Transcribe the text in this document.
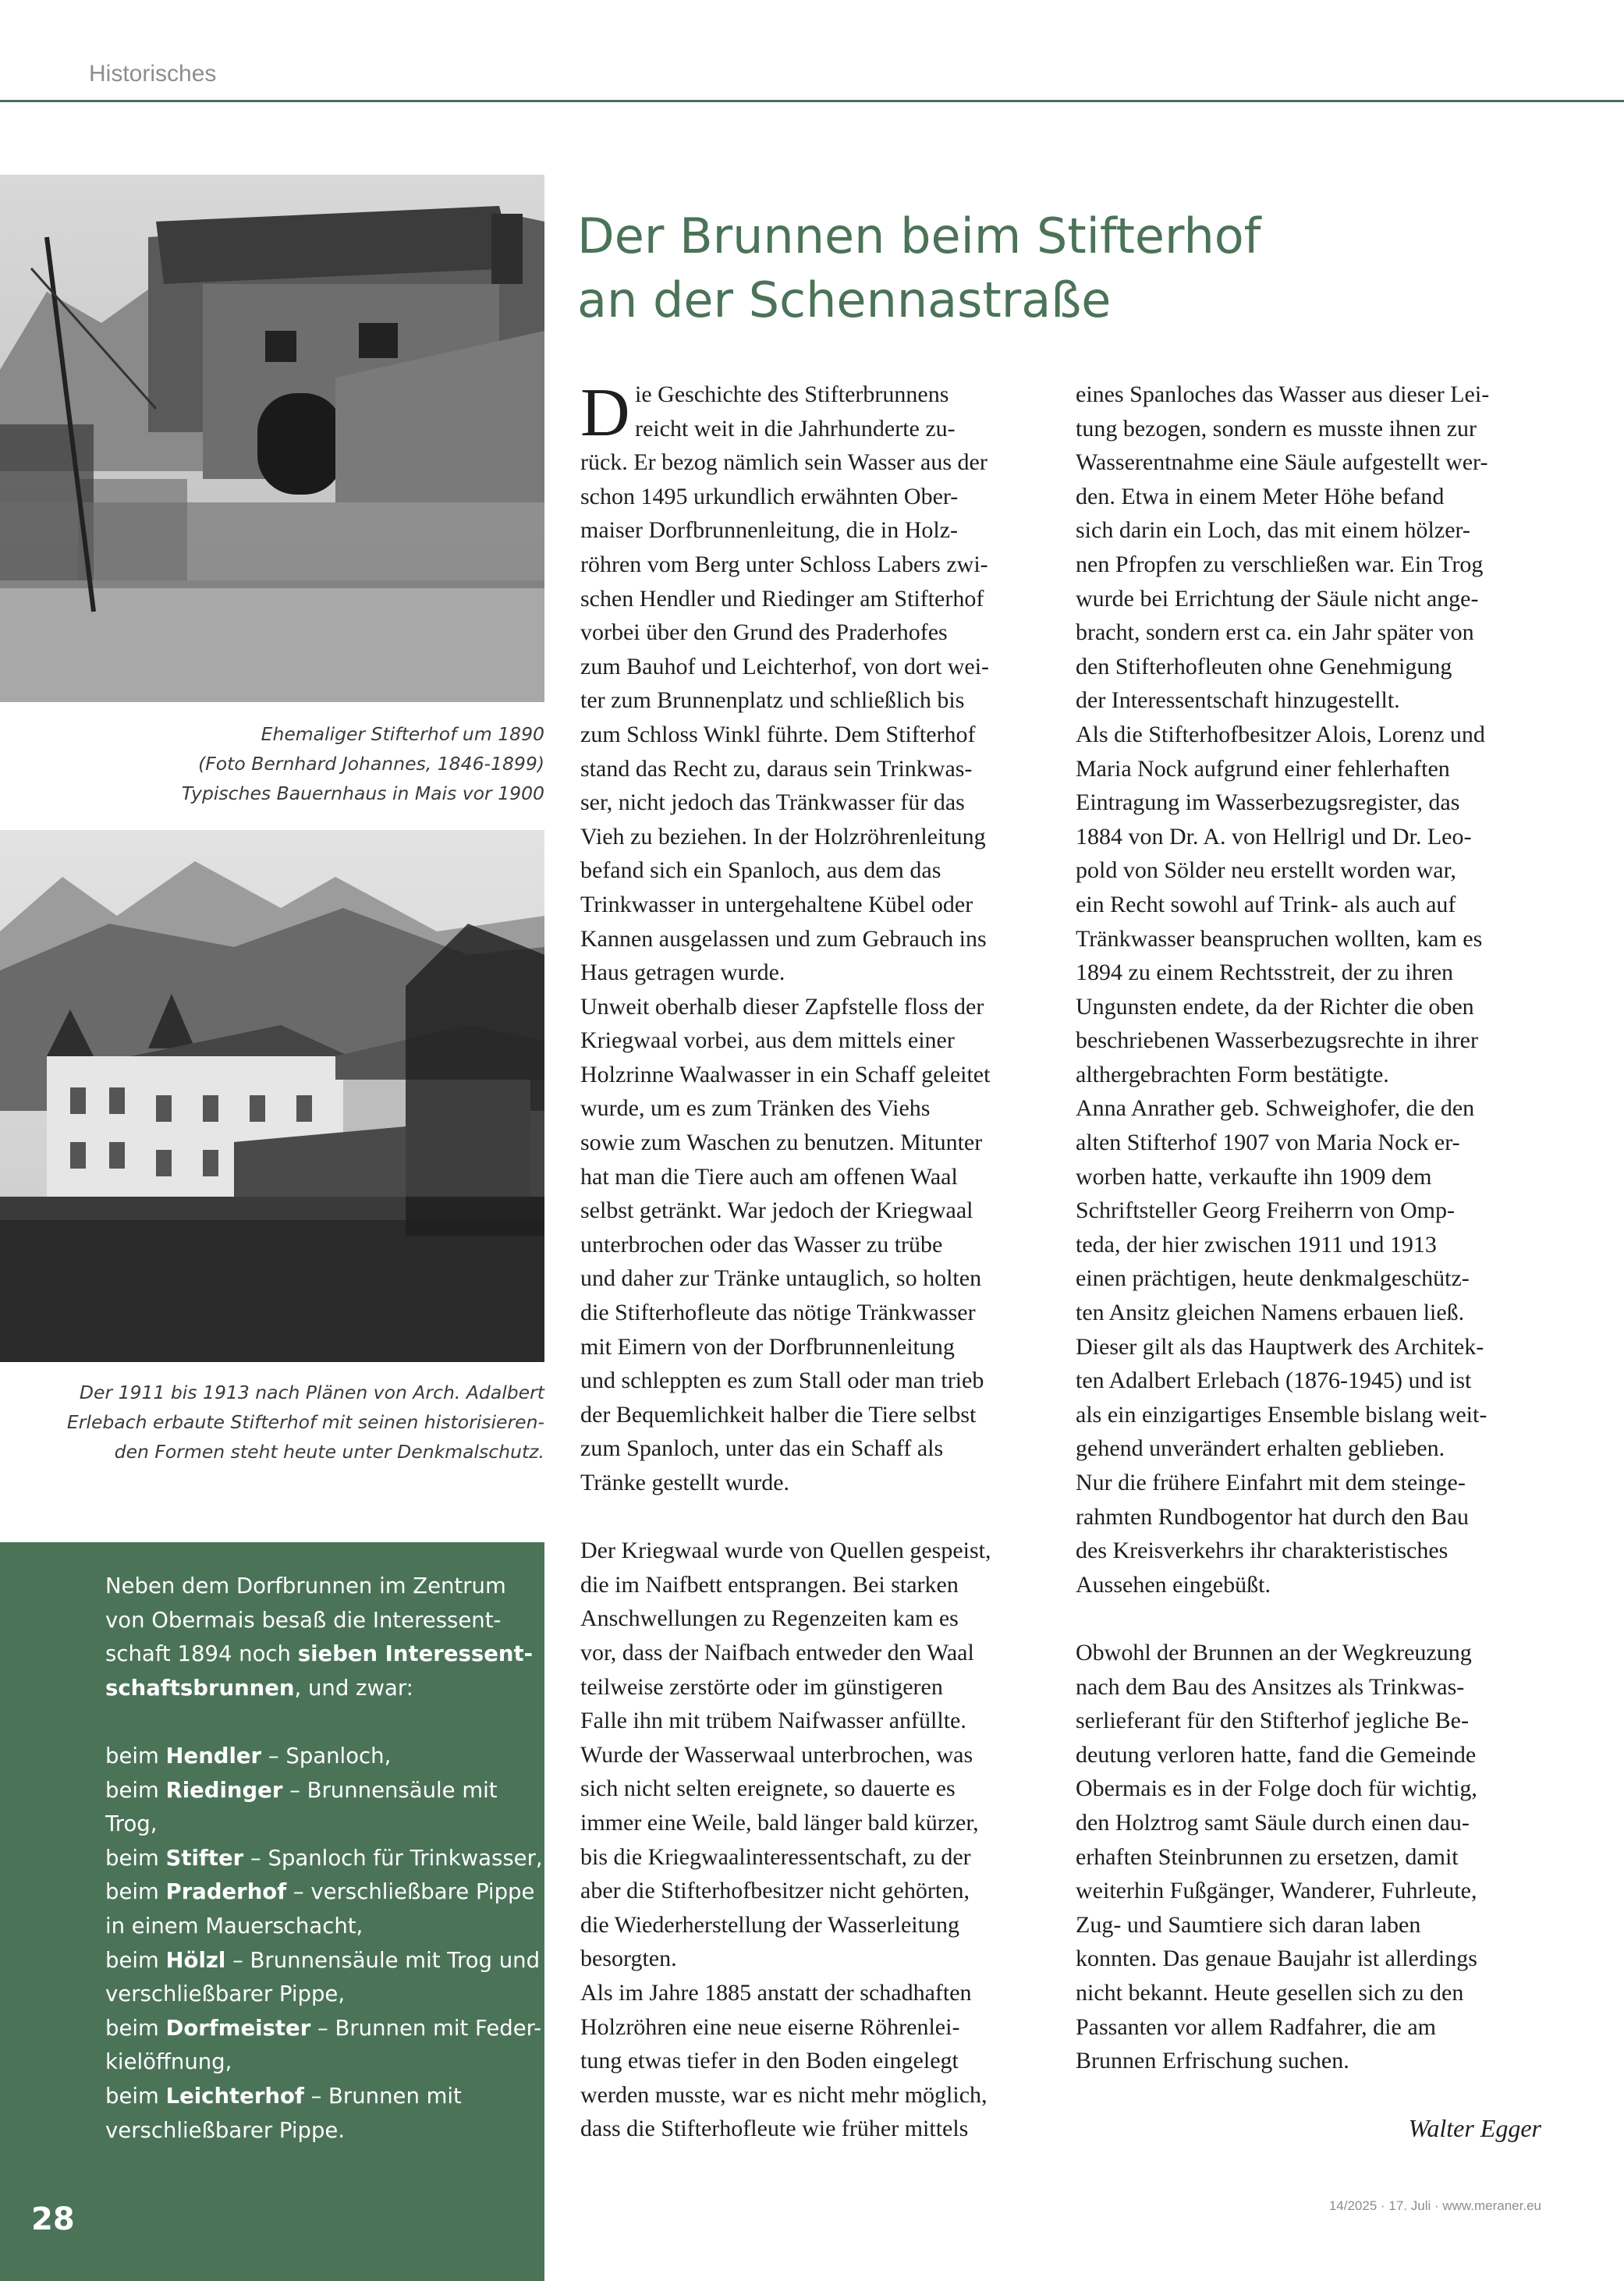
Historisches
Ehemaliger Stifterhof um 1890
(Foto Bernhard Johannes, 1846-1899)
Typisches Bauernhaus in Mais vor 1900
Der 1911 bis 1913 nach Plänen von Arch. Adalbert
Erlebach erbaute Stifterhof mit seinen historisieren-
den Formen steht heute unter Denkmalschutz.
Neben dem Dorfbrunnen im Zentrum
von Obermais besaß die Interessent-
schaft 1894 noch sieben Interessent-
schaftsbrunnen, und zwar:
beim Hendler – Spanloch,
beim Riedinger – Brunnensäule mit
Trog,
beim Stifter – Spanloch für Trinkwasser,
beim Praderhof – verschließbare Pippe
in einem Mauerschacht,
beim Hölzl – Brunnensäule mit Trog und
verschließbarer Pippe,
beim Dorfmeister – Brunnen mit Feder-
kielöffnung,
beim Leichterhof – Brunnen mit
verschließbarer Pippe.
28
Der Brunnen beim Stifterhof
an der Schennastraße
D ie Geschichte des Stifterbrunnens
reicht weit in die Jahrhunderte zu-
rück. Er bezog nämlich sein Wasser aus der
schon 1495 urkundlich erwähnten Ober-
maiser Dorfbrunnenleitung, die in Holz-
röhren vom Berg unter Schloss Labers zwi-
schen Hendler und Riedinger am Stifterhof
vorbei über den Grund des Praderhofes
zum Bauhof und Leichterhof, von dort wei-
ter zum Brunnenplatz und schließlich bis
zum Schloss Winkl führte. Dem Stifterhof
stand das Recht zu, daraus sein Trinkwas-
ser, nicht jedoch das Tränkwasser für das
Vieh zu beziehen. In der Holzröhrenleitung
befand sich ein Spanloch, aus dem das
Trinkwasser in untergehaltene Kübel oder
Kannen ausgelassen und zum Gebrauch ins
Haus getragen wurde.
Unweit oberhalb dieser Zapfstelle floss der
Kriegwaal vorbei, aus dem mittels einer
Holzrinne Waalwasser in ein Schaff geleitet
wurde, um es zum Tränken des Viehs
sowie zum Waschen zu benutzen. Mitunter
hat man die Tiere auch am offenen Waal
selbst getränkt. War jedoch der Kriegwaal
unterbrochen oder das Wasser zu trübe
und daher zur Tränke untauglich, so holten
die Stifterhofleute das nötige Tränkwasser
mit Eimern von der Dorfbrunnenleitung
und schleppten es zum Stall oder man trieb
der Bequemlichkeit halber die Tiere selbst
zum Spanloch, unter das ein Schaff als
Tränke gestellt wurde.
Der Kriegwaal wurde von Quellen gespeist,
die im Naifbett entsprangen. Bei starken
Anschwellungen zu Regenzeiten kam es
vor, dass der Naifbach entweder den Waal
teilweise zerstörte oder im günstigeren
Falle ihn mit trübem Naifwasser anfüllte.
Wurde der Wasserwaal unterbrochen, was
sich nicht selten ereignete, so dauerte es
immer eine Weile, bald länger bald kürzer,
bis die Kriegwaalinteressentschaft, zu der
aber die Stifterhofbesitzer nicht gehörten,
die Wiederherstellung der Wasserleitung
besorgten.
Als im Jahre 1885 anstatt der schadhaften
Holzröhren eine neue eiserne Röhrenlei-
tung etwas tiefer in den Boden eingelegt
werden musste, war es nicht mehr möglich,
dass die Stifterhofleute wie früher mittels
eines Spanloches das Wasser aus dieser Lei-
tung bezogen, sondern es musste ihnen zur
Wasserentnahme eine Säule aufgestellt wer-
den. Etwa in einem Meter Höhe befand
sich darin ein Loch, das mit einem hölzer-
nen Pfropfen zu verschließen war. Ein Trog
wurde bei Errichtung der Säule nicht ange-
bracht, sondern erst ca. ein Jahr später von
den Stifterhofleuten ohne Genehmigung
der Interessentschaft hinzugestellt.
Als die Stifterhofbesitzer Alois, Lorenz und
Maria Nock aufgrund einer fehlerhaften
Eintragung im Wasserbezugsregister, das
1884 von Dr. A. von Hellrigl und Dr. Leo-
pold von Sölder neu erstellt worden war,
ein Recht sowohl auf Trink- als auch auf
Tränkwasser beanspruchen wollten, kam es
1894 zu einem Rechtsstreit, der zu ihren
Ungunsten endete, da der Richter die oben
beschriebenen Wasserbezugsrechte in ihrer
althergebrachten Form bestätigte.
Anna Anrather geb. Schweighofer, die den
alten Stifterhof 1907 von Maria Nock er-
worben hatte, verkaufte ihn 1909 dem
Schriftsteller Georg Freiherrn von Omp-
teda, der hier zwischen 1911 und 1913
einen prächtigen, heute denkmalgeschütz-
ten Ansitz gleichen Namens erbauen ließ.
Dieser gilt als das Hauptwerk des Architek-
ten Adalbert Erlebach (1876-1945) und ist
als ein einzigartiges Ensemble bislang weit-
gehend unverändert erhalten geblieben.
Nur die frühere Einfahrt mit dem steinge-
rahmten Rundbogentor hat durch den Bau
des Kreisverkehrs ihr charakteristisches
Aussehen eingebüßt.
Obwohl der Brunnen an der Wegkreuzung
nach dem Bau des Ansitzes als Trinkwas-
serlieferant für den Stifterhof jegliche Be-
deutung verloren hatte, fand die Gemeinde
Obermais es in der Folge doch für wichtig,
den Holztrog samt Säule durch einen dau-
erhaften Steinbrunnen zu ersetzen, damit
weiterhin Fußgänger, Wanderer, Fuhrleute,
Zug- und Saumtiere sich daran laben
konnten. Das genaue Baujahr ist allerdings
nicht bekannt. Heute gesellen sich zu den
Passanten vor allem Radfahrer, die am
Brunnen Erfrischung suchen.
Walter Egger
14/2025 · 17. Juli · www.meraner.eu
